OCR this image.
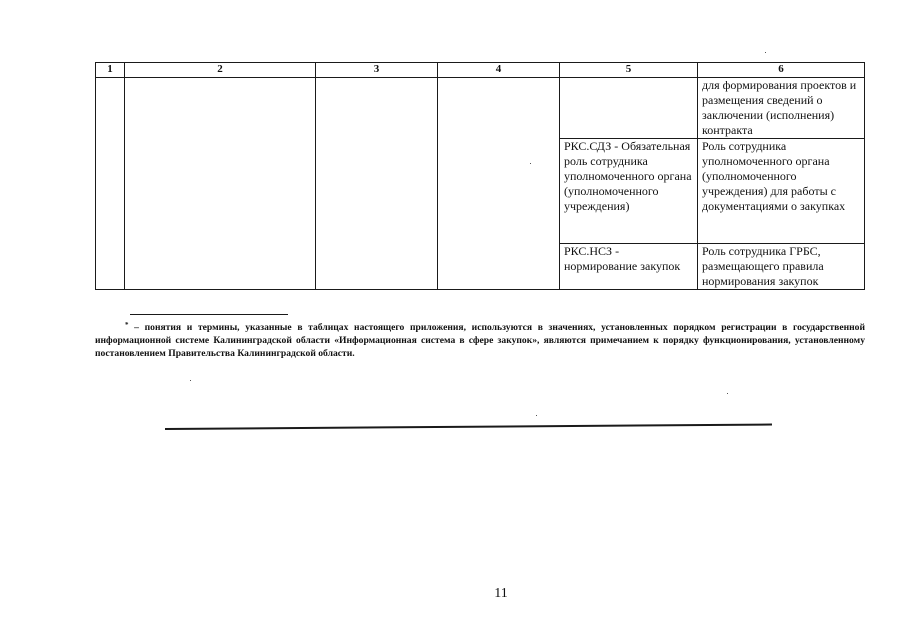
1	2	3	4	5	6
					для формирования проектов и размещения сведений о заключении (исполнения) контракта
				РКС.СДЗ - Обязательная роль сотрудника уполномоченного органа (уполномоченного учреждения)	Роль сотрудника уполномоченного органа (уполномоченного учреждения) для работы с документациями о закупках
				РКС.НСЗ - нормирование закупок	Роль сотрудника ГРБС, размещающего правила нормирования закупок

* – понятия и термины, указанные в таблицах настоящего приложения, используются в значениях, установленных порядком регистрации в государственной информационной системе Калининградской области «Информационная система в сфере закупок», являются примечанием к порядку функционирования, установленному постановлением Правительства Калининградской области.

11
